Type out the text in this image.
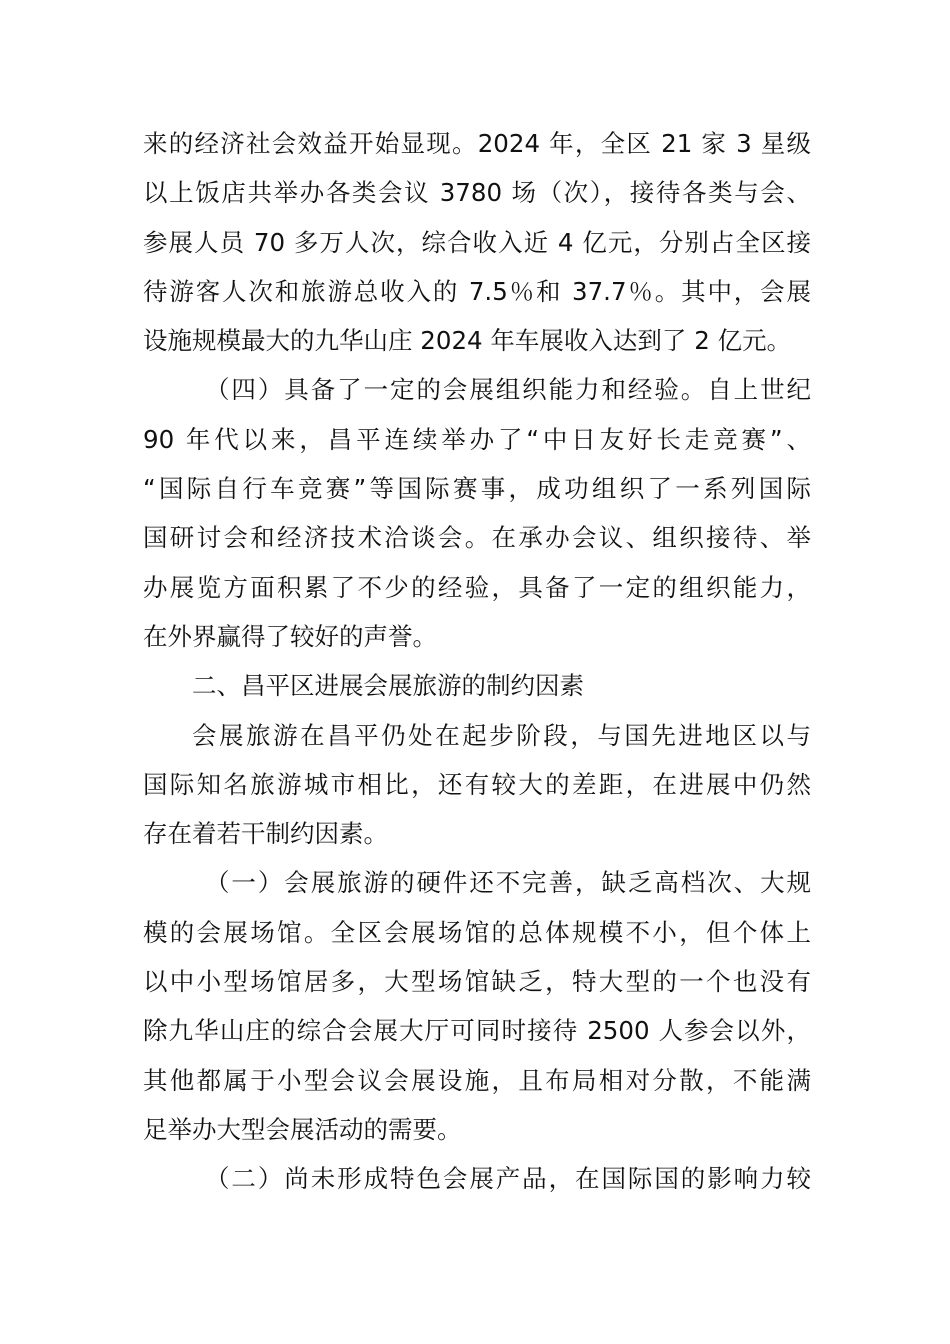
来的经济社会效益开始显现。2024 年，全区 21 家 3 星级
以上饭店共举办各类会议 3780 场（次），接待各类与会、
参展人员 70 多万人次，综合收入近 4 亿元，分别占全区接
待游客人次和旅游总收入的 7.5％和 37.7％。其中，会展
设施规模最大的九华山庄 2024 年车展收入达到了 2 亿元。
（四）具备了一定的会展组织能力和经验。自上世纪
90 年代以来，昌平连续举办了“中日友好长走竞赛”、
“国际自行车竞赛”等国际赛事，成功组织了一系列国际
国研讨会和经济技术洽谈会。在承办会议、组织接待、举
办展览方面积累了不少的经验，具备了一定的组织能力，
在外界赢得了较好的声誉。
二、昌平区进展会展旅游的制约因素
会展旅游在昌平仍处在起步阶段，与国先进地区以与
国际知名旅游城市相比，还有较大的差距，在进展中仍然
存在着若干制约因素。
（一）会展旅游的硬件还不完善，缺乏高档次、大规
模的会展场馆。全区会展场馆的总体规模不小，但个体上
以中小型场馆居多，大型场馆缺乏，特大型的一个也没有
除九华山庄的综合会展大厅可同时接待 2500 人参会以外，
其他都属于小型会议会展设施，且布局相对分散，不能满
足举办大型会展活动的需要。
（二）尚未形成特色会展产品，在国际国的影响力较
